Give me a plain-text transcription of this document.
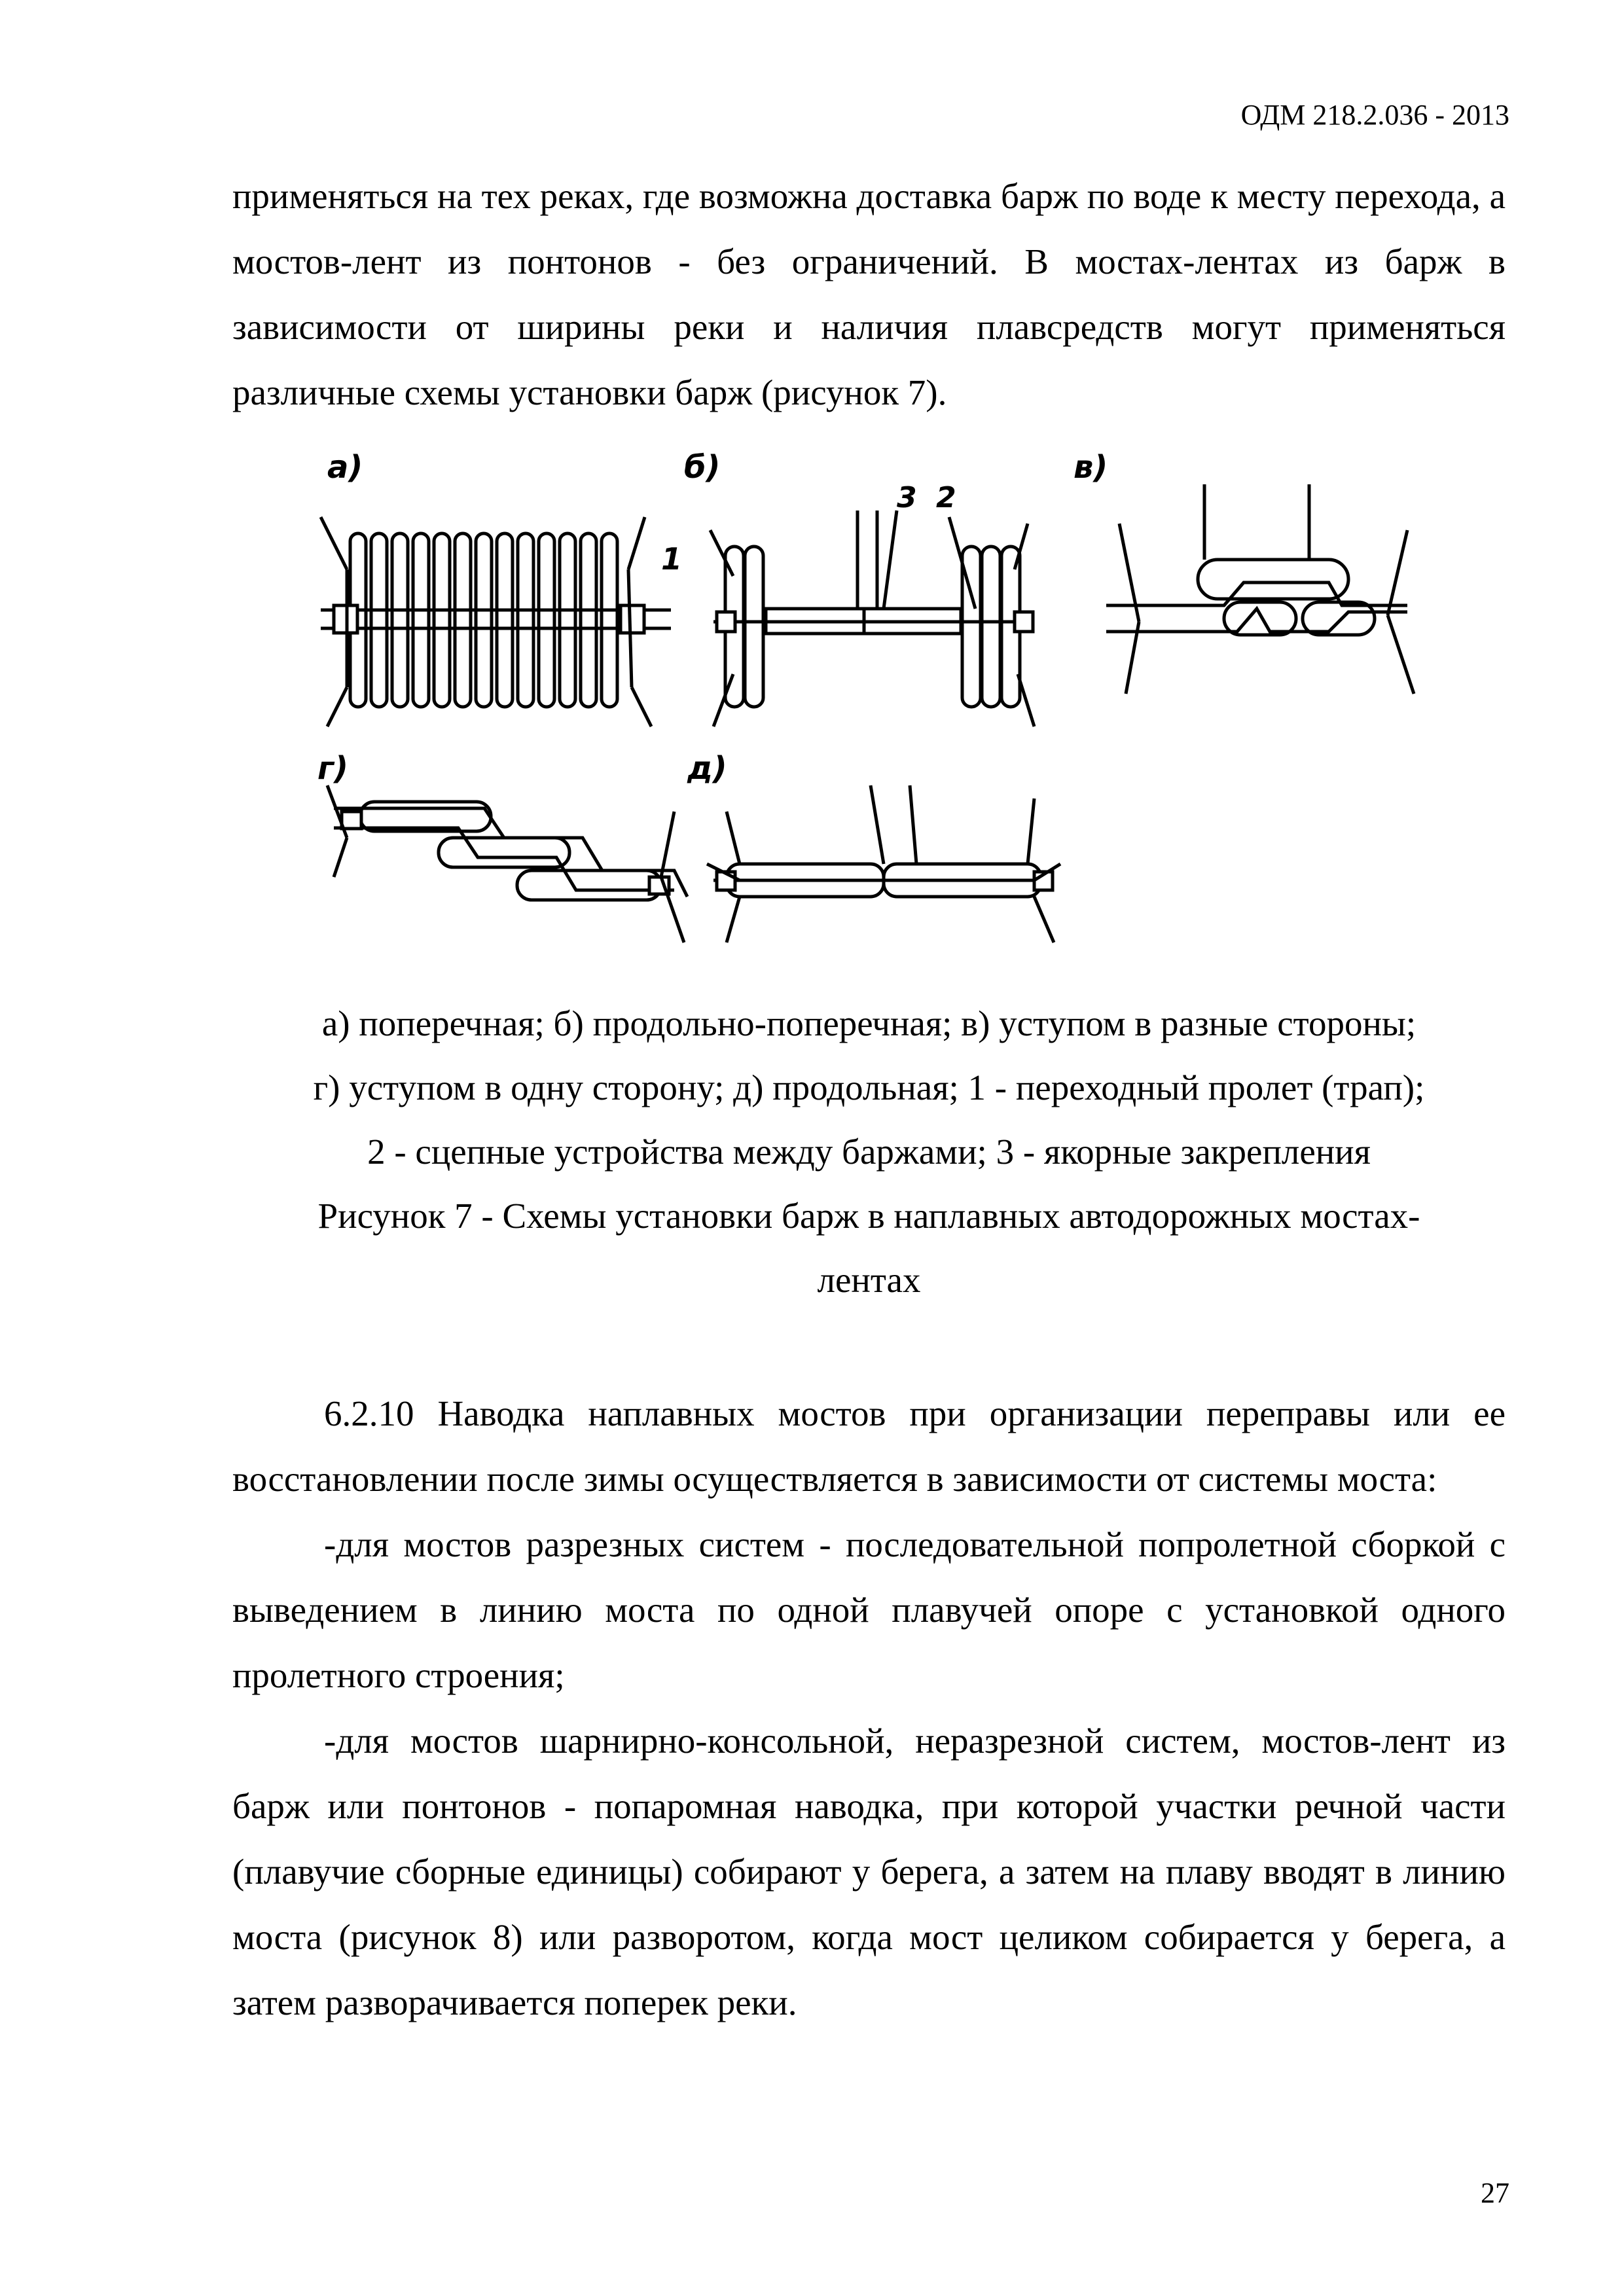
ОДМ 218.2.036 - 2013

применяться на тех реках, где возможна доставка барж по воде к месту перехода, а мостов-лент из понтонов - без ограничений. В мостах-лентах из барж в зависимости от ширины реки и наличия плавсредств могут применяться различные схемы установки барж (рисунок 7).

а)
1
б)
3 2
в)
г)	д)

а) поперечная; б) продольно-поперечная; в) уступом в разные стороны;

г) уступом в одну сторону; д) продольная; 1 - переходный пролет (трап);

2 - сцепные устройства между баржами; 3 - якорные закрепления

Рисунок 7 - Схемы установки барж в наплавных автодорожных мостах-

лентах

6.2.10 Наводка наплавных мостов при организации переправы или ее восстановлении после зимы осуществляется в зависимости от системы моста:

-для мостов разрезных систем - последовательной попролетной сборкой с выведением в линию моста по одной плавучей опоре с установкой одного пролетного строения;

-для мостов шарнирно-консольной, неразрезной систем, мостов-лент из барж или понтонов - попаромная наводка, при которой участки речной части (плавучие сборные единицы) собирают у берега, а затем на плаву вводят в линию моста (рисунок 8) или разворотом, когда мост целиком собирается у берега, а затем разворачивается поперек реки.

27
